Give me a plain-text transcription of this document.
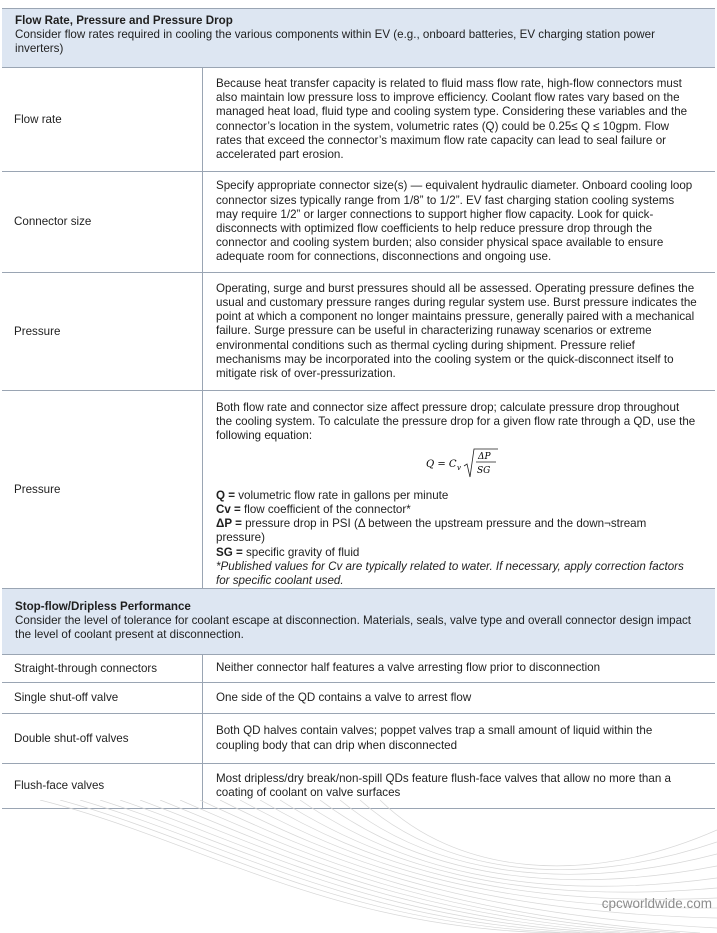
Flow Rate, Pressure and Pressure Drop
Consider flow rates required in cooling the various components within EV (e.g., onboard batteries, EV charging station power inverters)
Flow rate
Because heat transfer capacity is related to fluid mass flow rate, high-flow connectors must also maintain low pressure loss to improve efficiency. Coolant flow rates vary based on the managed heat load, fluid type and cooling system type. Considering these variables and the connector’s location in the system, volumetric rates (Q) could be 0.25≤ Q ≤ 10gpm. Flow rates that exceed the connector’s maximum flow rate capacity can lead to seal failure or accelerated part erosion.
Connector size
Specify appropriate connector size(s) — equivalent hydraulic diameter. Onboard cooling loop connector sizes typically range from 1/8” to 1/2”. EV fast charging station cooling systems may require 1/2” or larger connections to support higher flow capacity. Look for quick-disconnects with optimized flow coefficients to help reduce pressure drop through the connector and cooling system burden; also consider physical space available to ensure adequate room for connections, disconnections and ongoing use.
Pressure
Operating, surge and burst pressures should all be assessed. Operating pressure defines the usual and customary pressure ranges during regular system use. Burst pressure indicates the point at which a component no longer maintains pressure, generally paired with a mechanical failure. Surge pressure can be useful in characterizing runaway scenarios or extreme environmental conditions such as thermal cycling during shipment. Pressure relief mechanisms may be incorporated into the cooling system or the quick-disconnect itself to mitigate risk of over-pressurization.
Pressure
Both flow rate and connector size affect pressure drop; calculate pressure drop throughout the cooling system. To calculate the pressure drop for a given flow rate through a QD, use the following equation:
Q = C v
ΔP
SG
Q = volumetric flow rate in gallons per minute
Cv = flow coefficient of the connector*
ΔP = pressure drop in PSI (Δ between the upstream pressure and the down¬stream pressure)
SG = specific gravity of fluid
*Published values for Cv are typically related to water. If necessary, apply correction factors for specific coolant used.
Stop-flow/Dripless Performance
Consider the level of tolerance for coolant escape at disconnection. Materials, seals, valve type and overall connector design impact the level of coolant present at disconnection.
Straight-through connectors	Neither connector half features a valve arresting flow prior to disconnection
Single shut-off valve	One side of the QD contains a valve to arrest flow
Double shut-off valves
Both QD halves contain valves; poppet valves trap a small amount of liquid within the coupling body that can drip when disconnected
Flush-face valves
Most dripless/dry break/non-spill QDs feature flush-face valves that allow no more than a coating of coolant on valve surfaces
cpcworldwide.com
